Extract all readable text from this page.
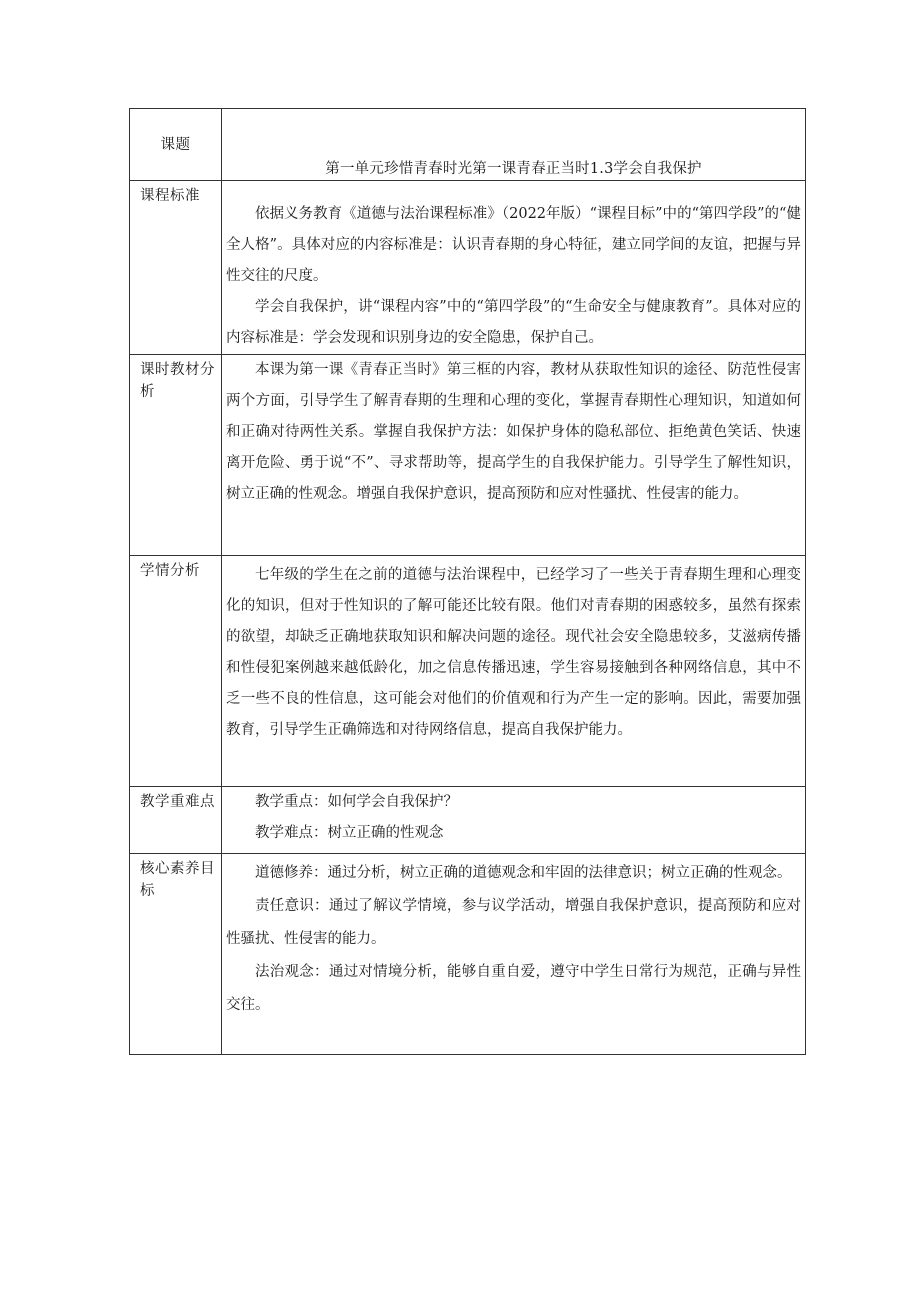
课题	第一单元珍惜青春时光第一课青春正当时1.3学会自我保护

课程标准	依据义务教育《道德与法治课程标准》（2022年版）“课程目标”中的“第四学段”的“健全人格”。具体对应的内容标准是：认识青春期的身心特征，建立同学间的友谊，把握与异性交往的尺度。

学会自我保护，讲“课程内容”中的“第四学段”的“生命安全与健康教育”。具体对应的内容标准是：学会发现和识别身边的安全隐患，保护自己。

课时教材分析	本课为第一课《青春正当时》第三框的内容，教材从获取性知识的途径、防范性侵害两个方面，引导学生了解青春期的生理和心理的变化，掌握青春期性心理知识，知道如何和正确对待两性关系。掌握自我保护方法：如保护身体的隐私部位、拒绝黄色笑话、快速离开危险、勇于说“不”、寻求帮助等，提高学生的自我保护能力。引导学生了解性知识，树立正确的性观念。增强自我保护意识，提高预防和应对性骚扰、性侵害的能力。

学情分析	七年级的学生在之前的道德与法治课程中，已经学习了一些关于青春期生理和心理变化的知识，但对于性知识的了解可能还比较有限。他们对青春期的困惑较多，虽然有探索的欲望，却缺乏正确地获取知识和解决问题的途径。现代社会安全隐患较多，艾滋病传播和性侵犯案例越来越低龄化，加之信息传播迅速，学生容易接触到各种网络信息，其中不乏一些不良的性信息，这可能会对他们的价值观和行为产生一定的影响。因此，需要加强教育，引导学生正确筛选和对待网络信息，提高自我保护能力。

教学重难点	教学重点：如何学会自我保护？

教学难点：树立正确的性观念

核心素养目标	道德修养：通过分析，树立正确的道德观念和牢固的法律意识；树立正确的性观念。

责任意识：通过了解议学情境，参与议学活动，增强自我保护意识，提高预防和应对性骚扰、性侵害的能力。

法治观念：通过对情境分析，能够自重自爱，遵守中学生日常行为规范，正确与异性交往。
